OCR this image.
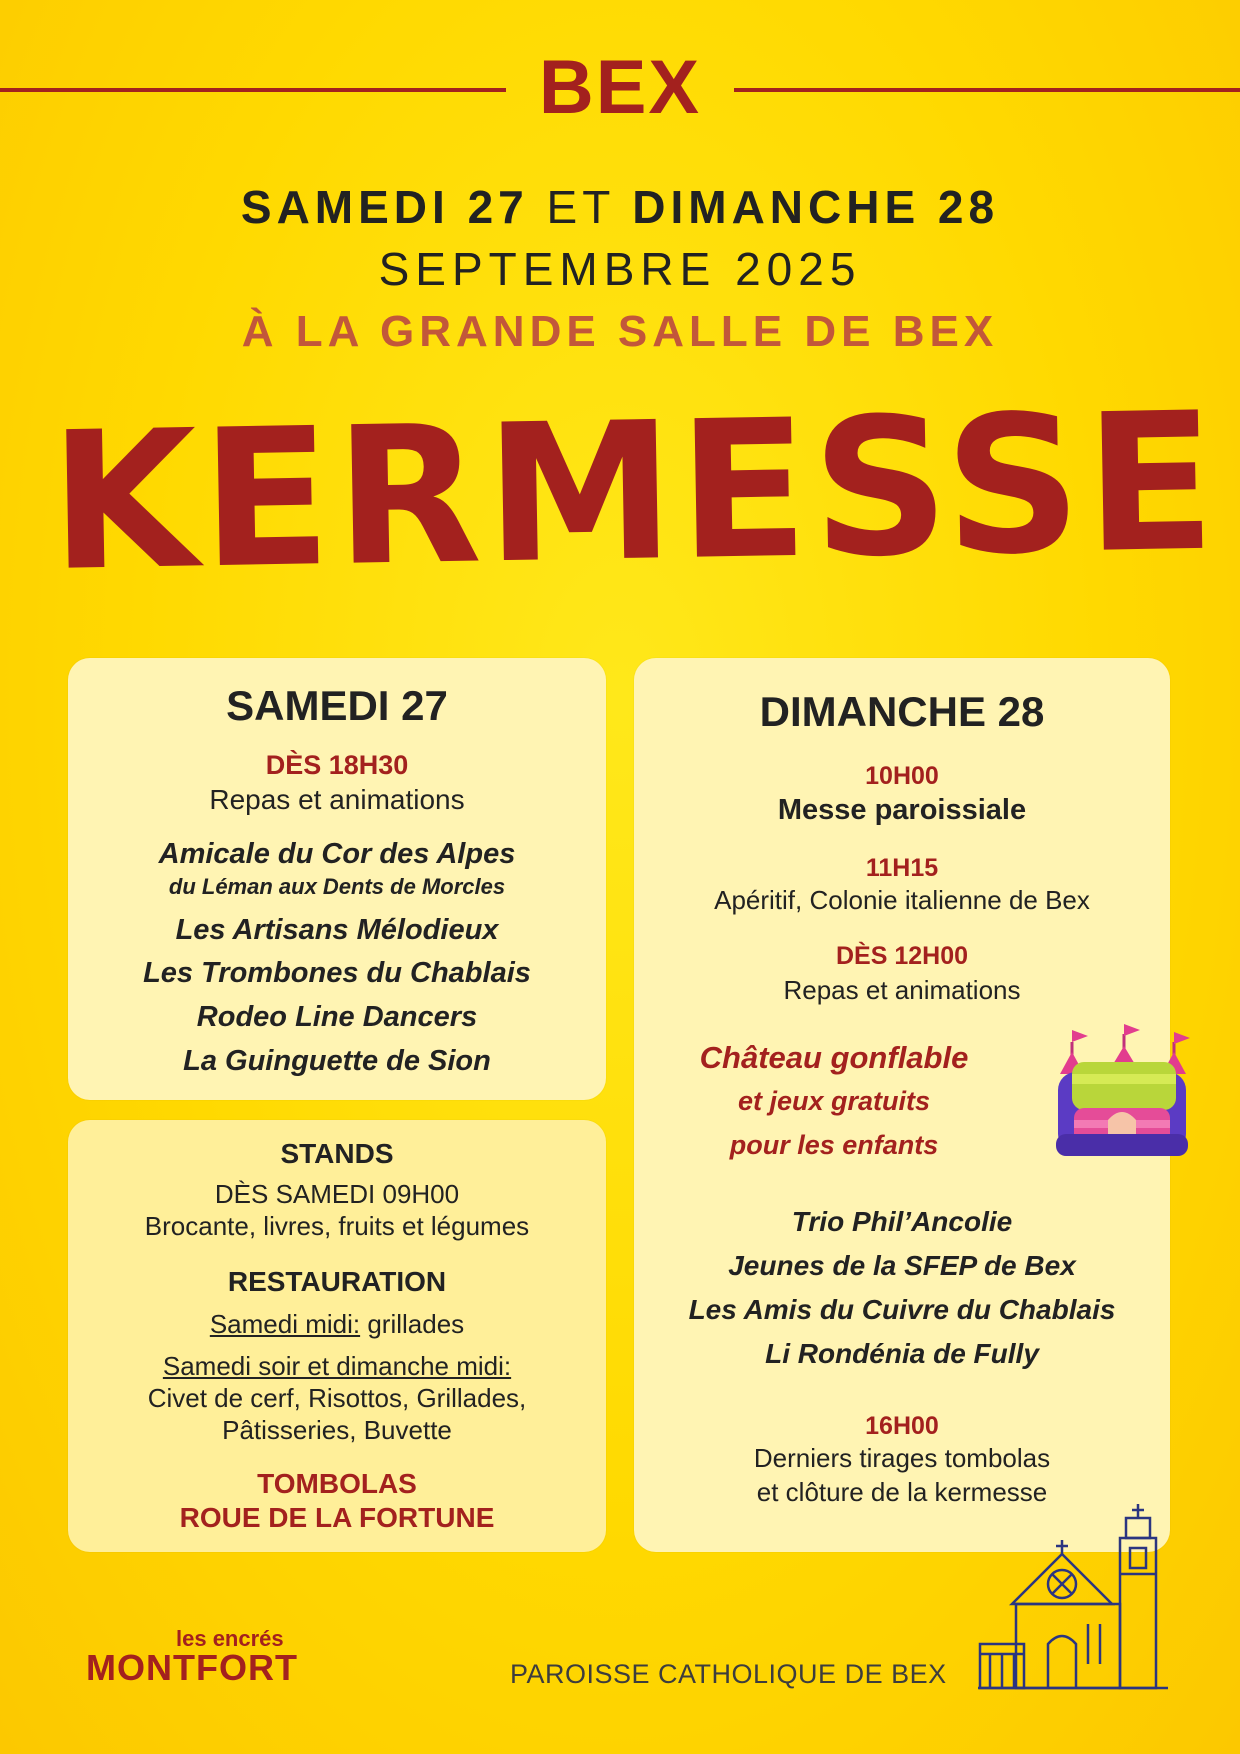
BEX
SAMEDI 27 ET DIMANCHE 28
SEPTEMBRE 2025
À LA GRANDE SALLE DE BEX
KERMESSE
SAMEDI 27
DÈS 18H30
Repas et animations
Amicale du Cor des Alpes
du Léman aux Dents de Morcles
Les Artisans Mélodieux
Les Trombones du Chablais
Rodeo Line Dancers
La Guinguette de Sion
STANDS
DÈS SAMEDI 09H00
Brocante, livres, fruits et légumes
RESTAURATION
Samedi midi: grillades
Samedi soir et dimanche midi:
Civet de cerf, Risottos, Grillades,
Pâtisseries, Buvette
TOMBOLAS
ROUE DE LA FORTUNE
DIMANCHE 28
10H00
Messe paroissiale
11H15
Apéritif, Colonie italienne de Bex
DÈS 12H00
Repas et animations
Château gonflable
et jeux gratuits
pour les enfants
Trio Phil’Ancolie
Jeunes de la SFEP de Bex
Les Amis du Cuivre du Chablais
Li Rondénia de Fully
16H00
Derniers tirages tombolas
et clôture de la kermesse
les encrés
MONTFORT	PAROISSE CATHOLIQUE DE BEX
